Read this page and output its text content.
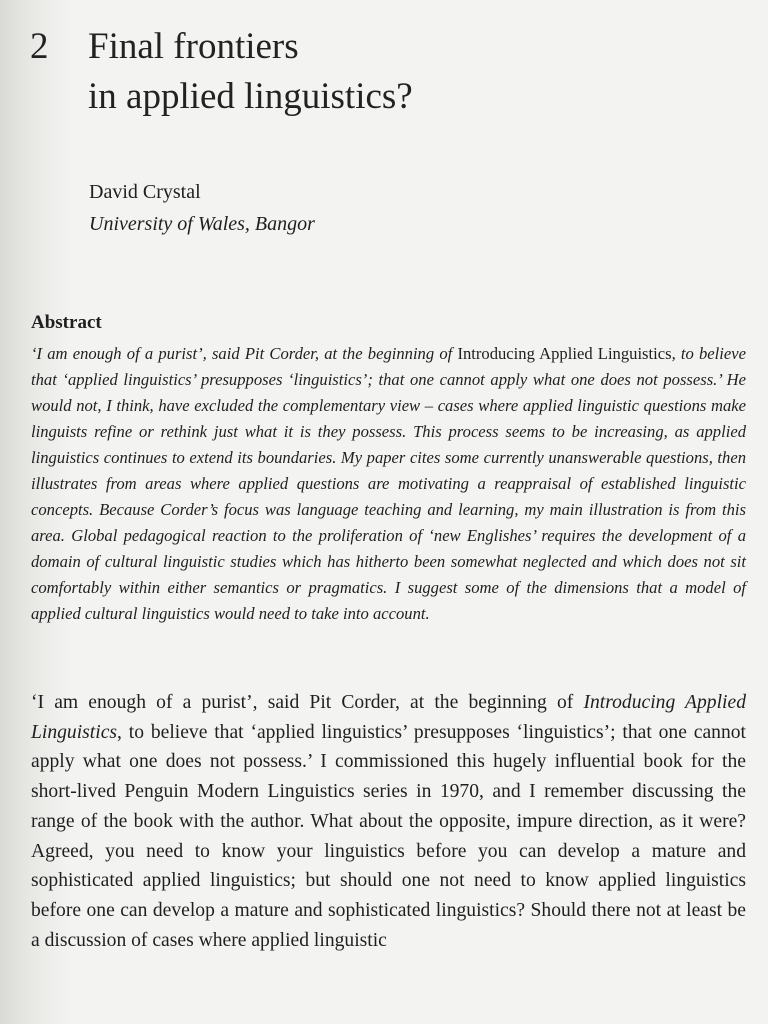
2 Final frontiers
in applied linguistics?
David Crystal
University of Wales, Bangor
Abstract

‘I am enough of a purist’, said Pit Corder, at the beginning of Introducing Applied Linguistics, to believe that ‘applied linguistics’ presupposes ‘linguistics’; that one cannot apply what one does not possess.’ He would not, I think, have excluded the complementary view – cases where applied linguistic questions make linguists refine or rethink just what it is they possess. This process seems to be increasing, as applied linguistics continues to extend its boundaries. My paper cites some currently unanswerable questions, then illustrates from areas where applied questions are motivating a reappraisal of established linguistic concepts. Because Corder’s focus was language teaching and learning, my main illustration is from this area. Global pedagogical reaction to the proliferation of ‘new Englishes’ requires the development of a domain of cultural linguistic studies which has hitherto been somewhat neglected and which does not sit comfortably within either semantics or pragmatics. I suggest some of the dimensions that a model of applied cultural linguistics would need to take into account.

‘I am enough of a purist’, said Pit Corder, at the beginning of Introducing Applied Linguistics, to believe that ‘applied linguistics’ presupposes ‘linguistics’; that one cannot apply what one does not possess.’ I commissioned this hugely influential book for the short-lived Penguin Modern Linguistics series in 1970, and I remember discussing the range of the book with the author. What about the opposite, impure direction, as it were? Agreed, you need to know your linguistics before you can develop a mature and sophisticated applied linguistics; but should one not need to know applied linguistics before one can develop a mature and sophisticated linguistics? Should there not at least be a discussion of cases where applied linguistic
